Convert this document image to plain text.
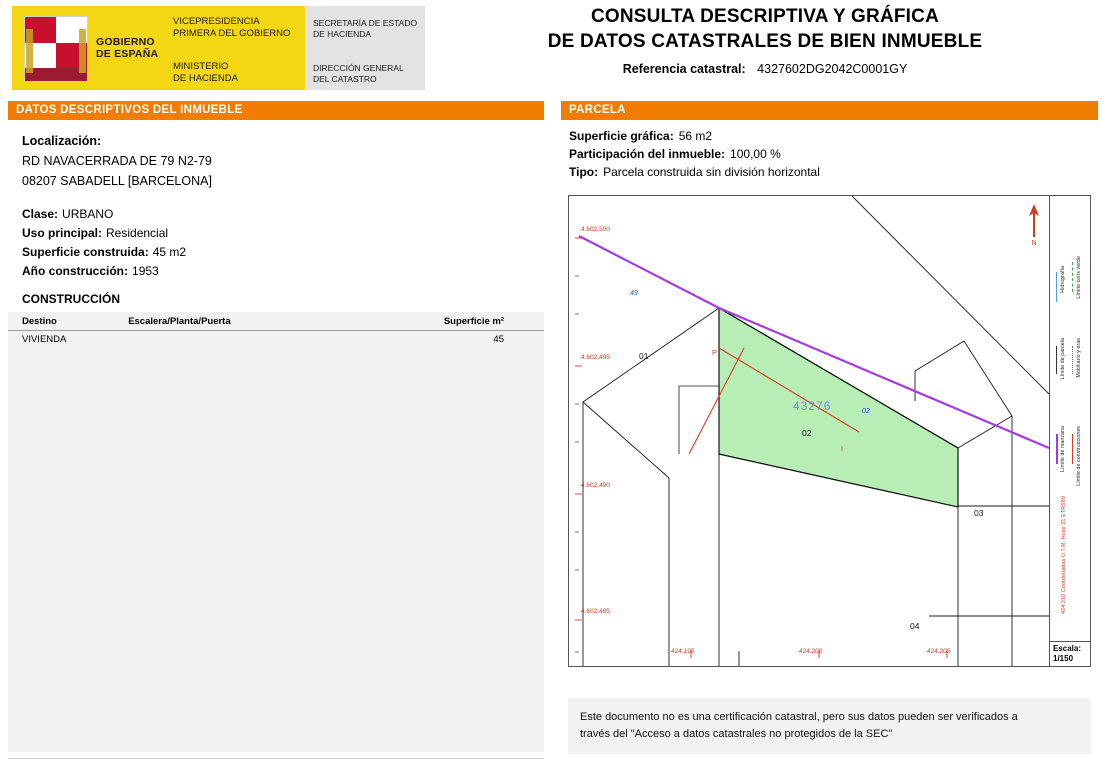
GOBIERNO
DE ESPAÑA
VICEPRESIDENCIA
PRIMERA DEL GOBIERNO
MINISTERIO
DE HACIENDA
SECRETARÍA DE ESTADO
DE HACIENDA
DIRECCIÓN GENERAL
DEL CATASTRO
CONSULTA DESCRIPTIVA Y GRÁFICA
DE DATOS CATASTRALES DE BIEN INMUEBLE
Referencia catastral: 4327602DG2042C0001GY
DATOS DESCRIPTIVOS DEL INMUEBLE	PARCELA
Localización:
RD NAVACERRADA DE 79 N2-79
08207 SABADELL [BARCELONA]
Clase: URBANO
Uso principal: Residencial
Superficie construida: 45 m2
Año construcción: 1953
CONSTRUCCIÓN
Destino	Escalera/Planta/Puerta	Superficie m²
VIVIENDA		45
Superficie gráfica: 56 m2
Participación del inmueble: 100,00 %
Tipo: Parcela construida sin división horizontal
01
02
03
04
P
I
49
02
43276
4.602.500
4.602.495
4.602.490
4.602.485
424.195	424.200	424.205
N
Hidrografía Límite cons verde
Límite de parcela Mobiliario y eras
Límite de manzana Límite de construcciones
424.210 Coordenadas U.T.M. Huso 31 ETRS89
Escala:
1/150
Este documento no es una certificación catastral, pero sus datos pueden ser verificados a
través del "Acceso a datos catastrales no protegidos de la SEC"
